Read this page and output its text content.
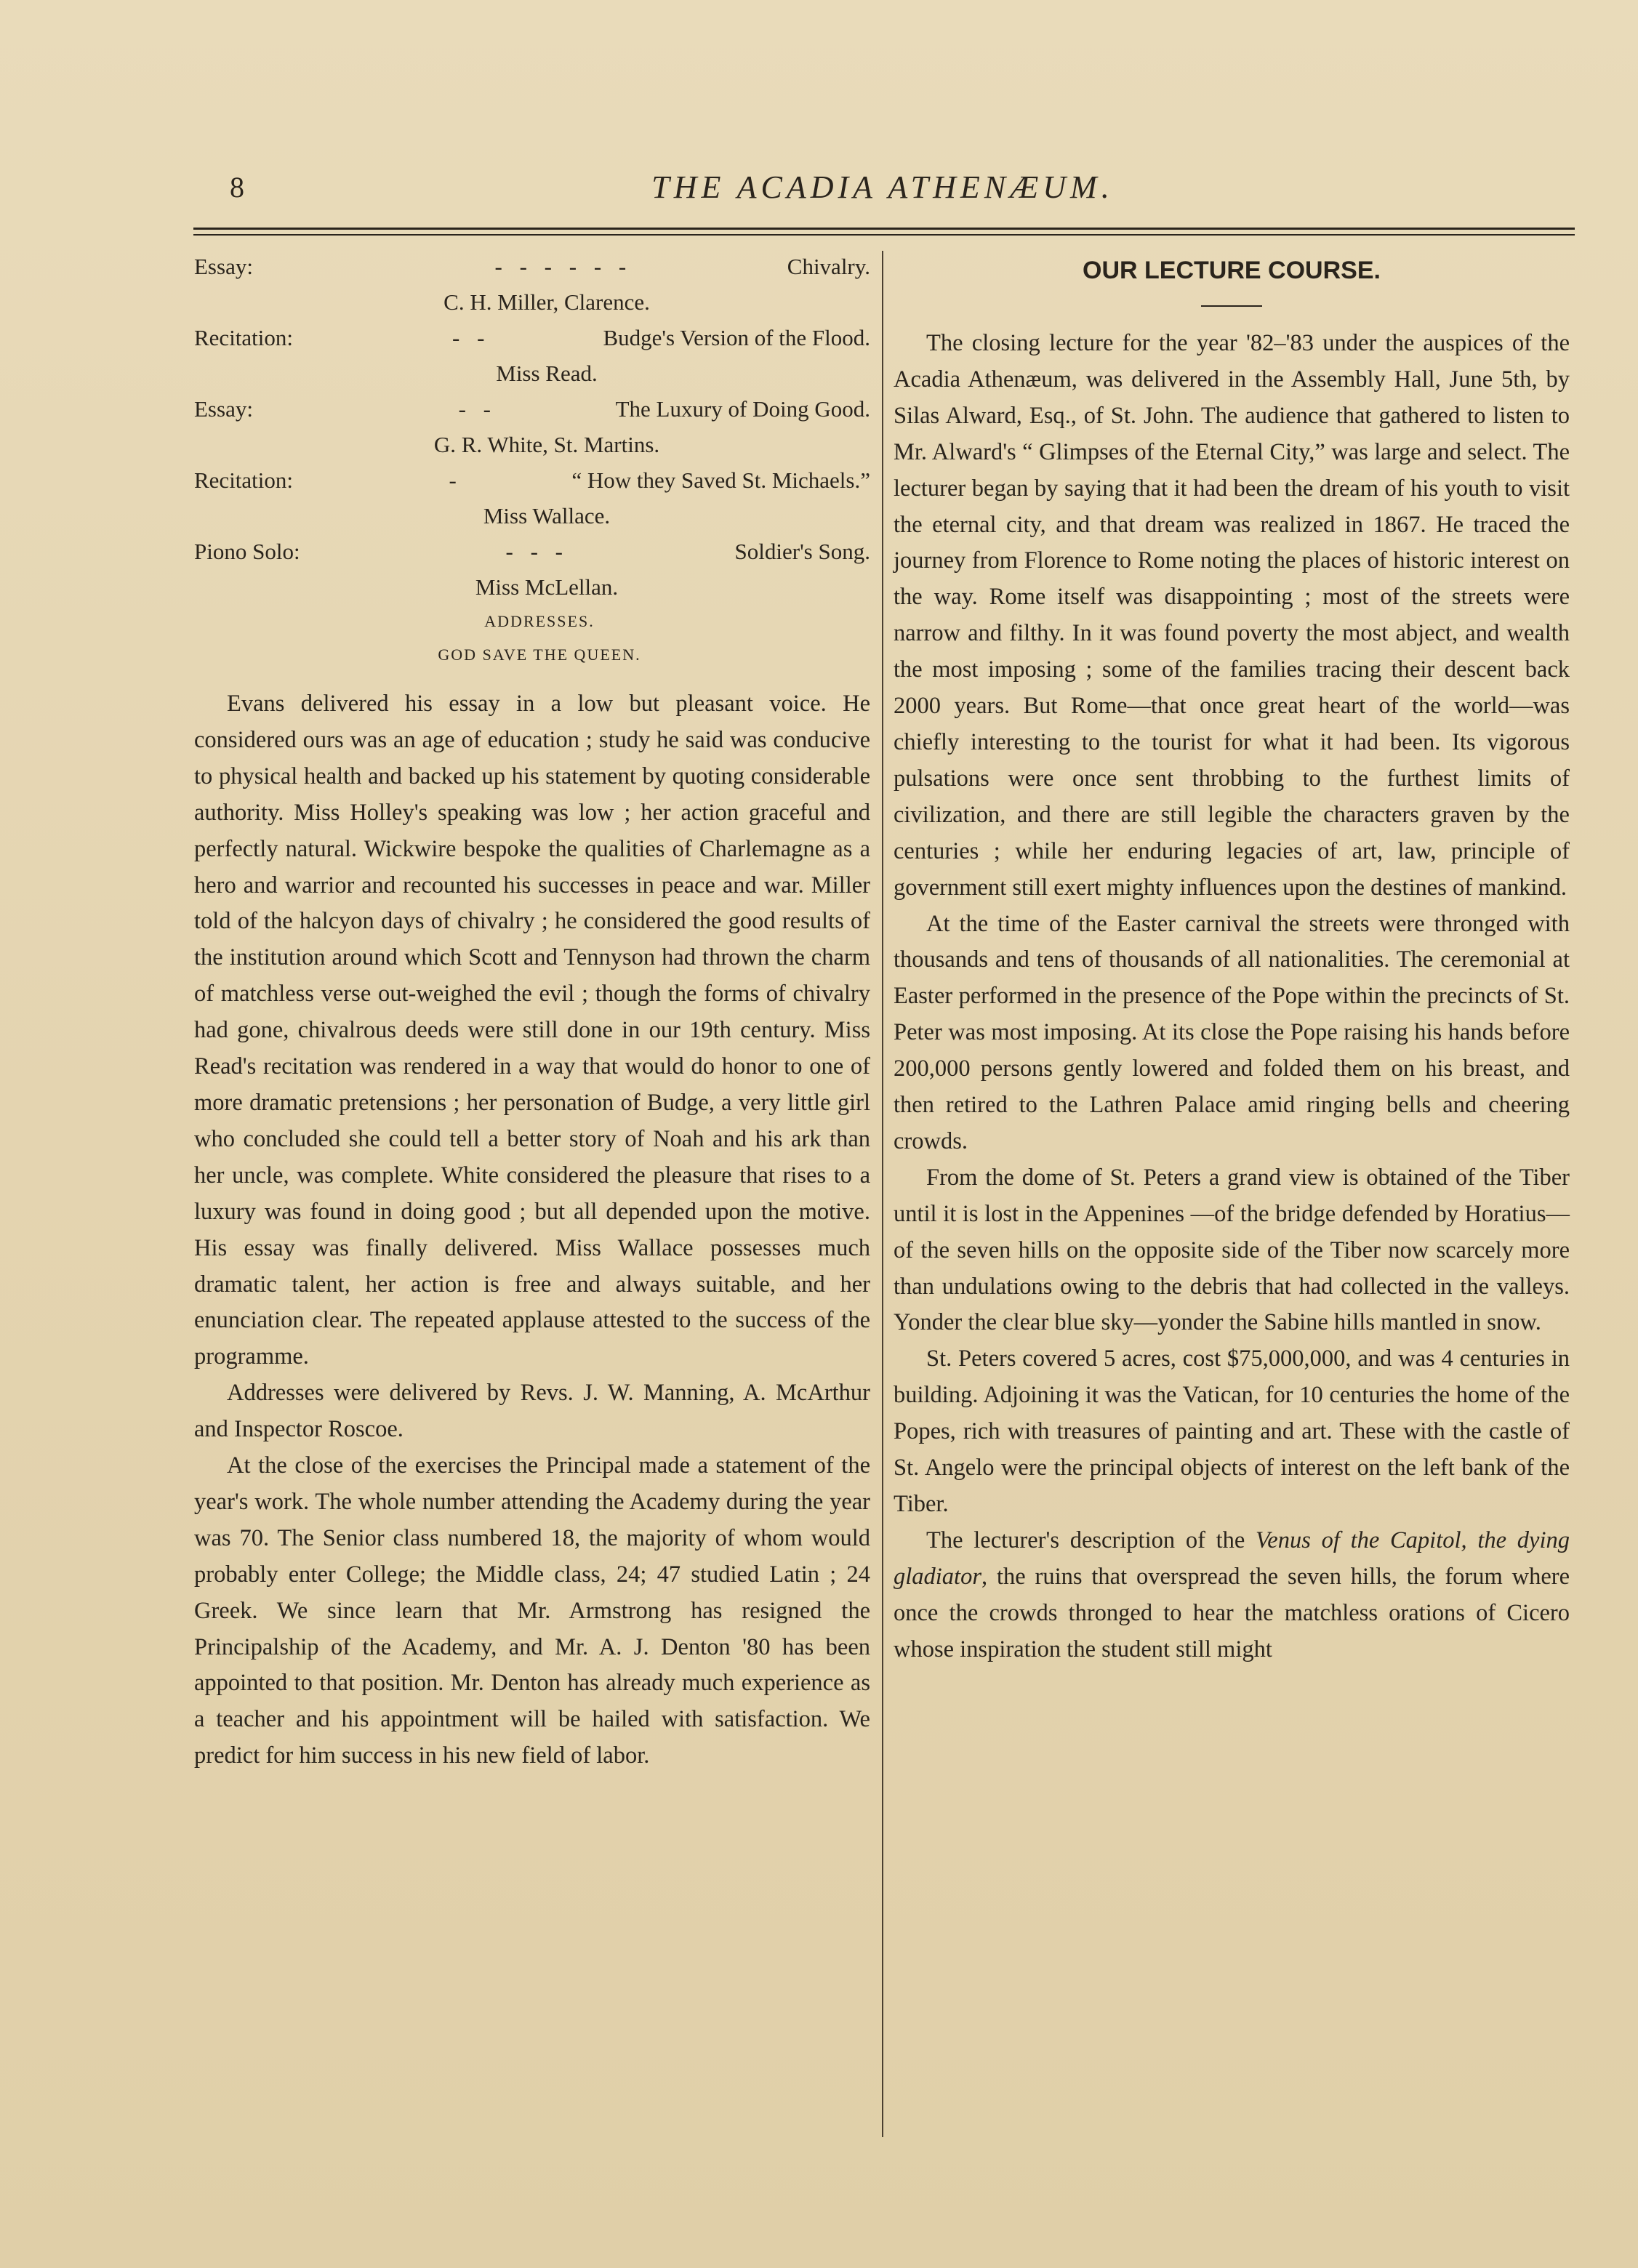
8	THE ACADIA ATHENÆUM.
Essay:	- - - - - -	Chivalry.
C. H. Miller, Clarence.
Recitation:	- -	Budge's Version of the Flood.
Miss Read.
Essay:	- -	The Luxury of Doing Good.
G. R. White, St. Martins.
Recitation:	-	“ How they Saved St. Michaels.”
Miss Wallace.
Piono Solo:	- - -	Soldier's Song.
Miss McLellan.
ADDRESSES.
GOD SAVE THE QUEEN.

Evans delivered his essay in a low but pleasant voice. He considered ours was an age of education ; study he said was conducive to physical health and backed up his statement by quoting considerable authority. Miss Holley's speaking was low ; her action graceful and perfectly natural. Wickwire bespoke the qualities of Charlemagne as a hero and warrior and recounted his successes in peace and war. Miller told of the halcyon days of chivalry ; he considered the good results of the institution around which Scott and Tennyson had thrown the charm of matchless verse out-weighed the evil ; though the forms of chivalry had gone, chivalrous deeds were still done in our 19th century. Miss Read's recitation was rendered in a way that would do honor to one of more dramatic pretensions ; her personation of Budge, a very little girl who concluded she could tell a better story of Noah and his ark than her uncle, was complete. White considered the pleasure that rises to a luxury was found in doing good ; but all depended upon the motive. His essay was finally delivered. Miss Wallace possesses much dramatic talent, her action is free and always suitable, and her enunciation clear. The repeated applause attested to the success of the programme.

Addresses were delivered by Revs. J. W. Manning, A. McArthur and Inspector Roscoe.

At the close of the exercises the Principal made a statement of the year's work. The whole number attending the Academy during the year was 70. The Senior class numbered 18, the majority of whom would probably enter College; the Middle class, 24; 47 studied Latin ; 24 Greek. We since learn that Mr. Armstrong has resigned the Principalship of the Academy, and Mr. A. J. Denton '80 has been appointed to that position. Mr. Denton has already much experience as a teacher and his appointment will be hailed with satisfaction. We predict for him success in his new field of labor.

OUR LECTURE COURSE.

The closing lecture for the year '82–'83 under the auspices of the Acadia Athenæum, was delivered in the Assembly Hall, June 5th, by Silas Alward, Esq., of St. John. The audience that gathered to listen to Mr. Alward's “ Glimpses of the Eternal City,” was large and select. The lecturer began by saying that it had been the dream of his youth to visit the eternal city, and that dream was realized in 1867. He traced the journey from Florence to Rome noting the places of historic interest on the way. Rome itself was disappointing ; most of the streets were narrow and filthy. In it was found poverty the most abject, and wealth the most imposing ; some of the families tracing their descent back 2000 years. But Rome—that once great heart of the world—was chiefly interesting to the tourist for what it had been. Its vigorous pulsations were once sent throbbing to the furthest limits of civilization, and there are still legible the characters graven by the centuries ; while her enduring legacies of art, law, principle of government still exert mighty influences upon the destines of mankind.

At the time of the Easter carnival the streets were thronged with thousands and tens of thousands of all nationalities. The ceremonial at Easter performed in the presence of the Pope within the precincts of St. Peter was most imposing. At its close the Pope raising his hands before 200,000 persons gently lowered and folded them on his breast, and then retired to the Lathren Palace amid ringing bells and cheering crowds.

From the dome of St. Peters a grand view is obtained of the Tiber until it is lost in the Appenines —of the bridge defended by Horatius—of the seven hills on the opposite side of the Tiber now scarcely more than undulations owing to the debris that had collected in the valleys. Yonder the clear blue sky—yonder the Sabine hills mantled in snow.

St. Peters covered 5 acres, cost $75,000,000, and was 4 centuries in building. Adjoining it was the Vatican, for 10 centuries the home of the Popes, rich with treasures of painting and art. These with the castle of St. Angelo were the principal objects of interest on the left bank of the Tiber.

The lecturer's description of the Venus of the Capitol, the dying gladiator, the ruins that overspread the seven hills, the forum where once the crowds thronged to hear the matchless orations of Cicero whose inspiration the student still might
